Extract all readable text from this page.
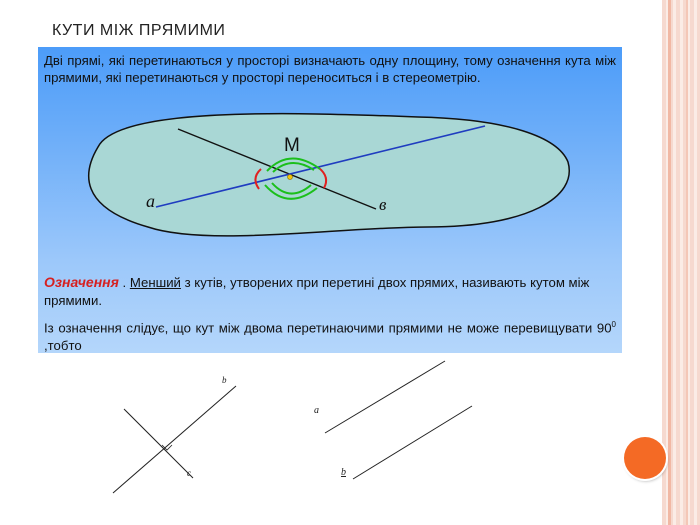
КУТИ МІЖ ПРЯМИМИ
Дві прямі, які перетинаються у просторі визначають одну площину, тому означення кута між прямими, які перетинаються у просторі переноситься і в стереометрію.
M
a	в
Означення . Менший з кутів, утворених при перетині двох прямих, називають кутом між прямими.
Із означення слідує, що кут між двома перетинаючими прямими не може перевищувати $90^0$ ,тобто
b
c
a
b
